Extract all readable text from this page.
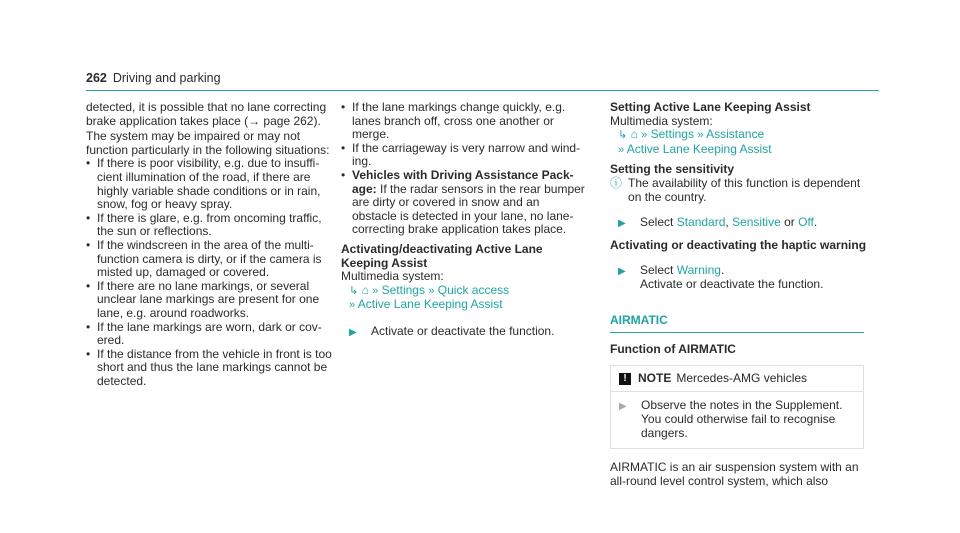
262 Driving and parking

detected, it is possible that no lane correcting brake application takes place (→ page 262).

The system may be impaired or may not function particularly in the following situations:

• If there is poor visibility, e.g. due to insuffi-cient illumination of the road, if there are highly variable shade conditions or in rain, snow, fog or heavy spray.
• If there is glare, e.g. from oncoming traffic, the sun or reflections.
• If the windscreen in the area of the multi-function camera is dirty, or if the camera is misted up, damaged or covered.
• If there are no lane markings, or several unclear lane markings are present for one lane, e.g. around roadworks.
• If the lane markings are worn, dark or cov-ered.
• If the distance from the vehicle in front is too short and thus the lane markings cannot be detected.
• If the lane markings change quickly, e.g. lanes branch off, cross one another or merge.
• If the carriageway is very narrow and wind-ing.
• Vehicles with Driving Assistance Pack-age: If the radar sensors in the rear bumper are dirty or covered in snow and an obstacle is detected in your lane, no lane-correcting brake application takes place.

Activating/deactivating Active Lane Keeping Assist

Multimedia system:

↳ ⌂ » Settings » Quick access

» Active Lane Keeping Assist

▶	Activate or deactivate the function.

Setting Active Lane Keeping Assist

Multimedia system:

↳ ⌂ » Settings » Assistance

» Active Lane Keeping Assist

Setting the sensitivity

ⓘ The availability of this function is dependent on the country.
▶	Select Standard, Sensitive or Off.

Activating or deactivating the haptic warning

▶	Select Warning.
Activate or deactivate the function.

AIRMATIC

Function of AIRMATIC

! NOTE Mercedes-AMG vehicles
▶	Observe the notes in the Supplement. You could otherwise fail to recognise dangers.

AIRMATIC is an air suspension system with an all-round level control system, which also
